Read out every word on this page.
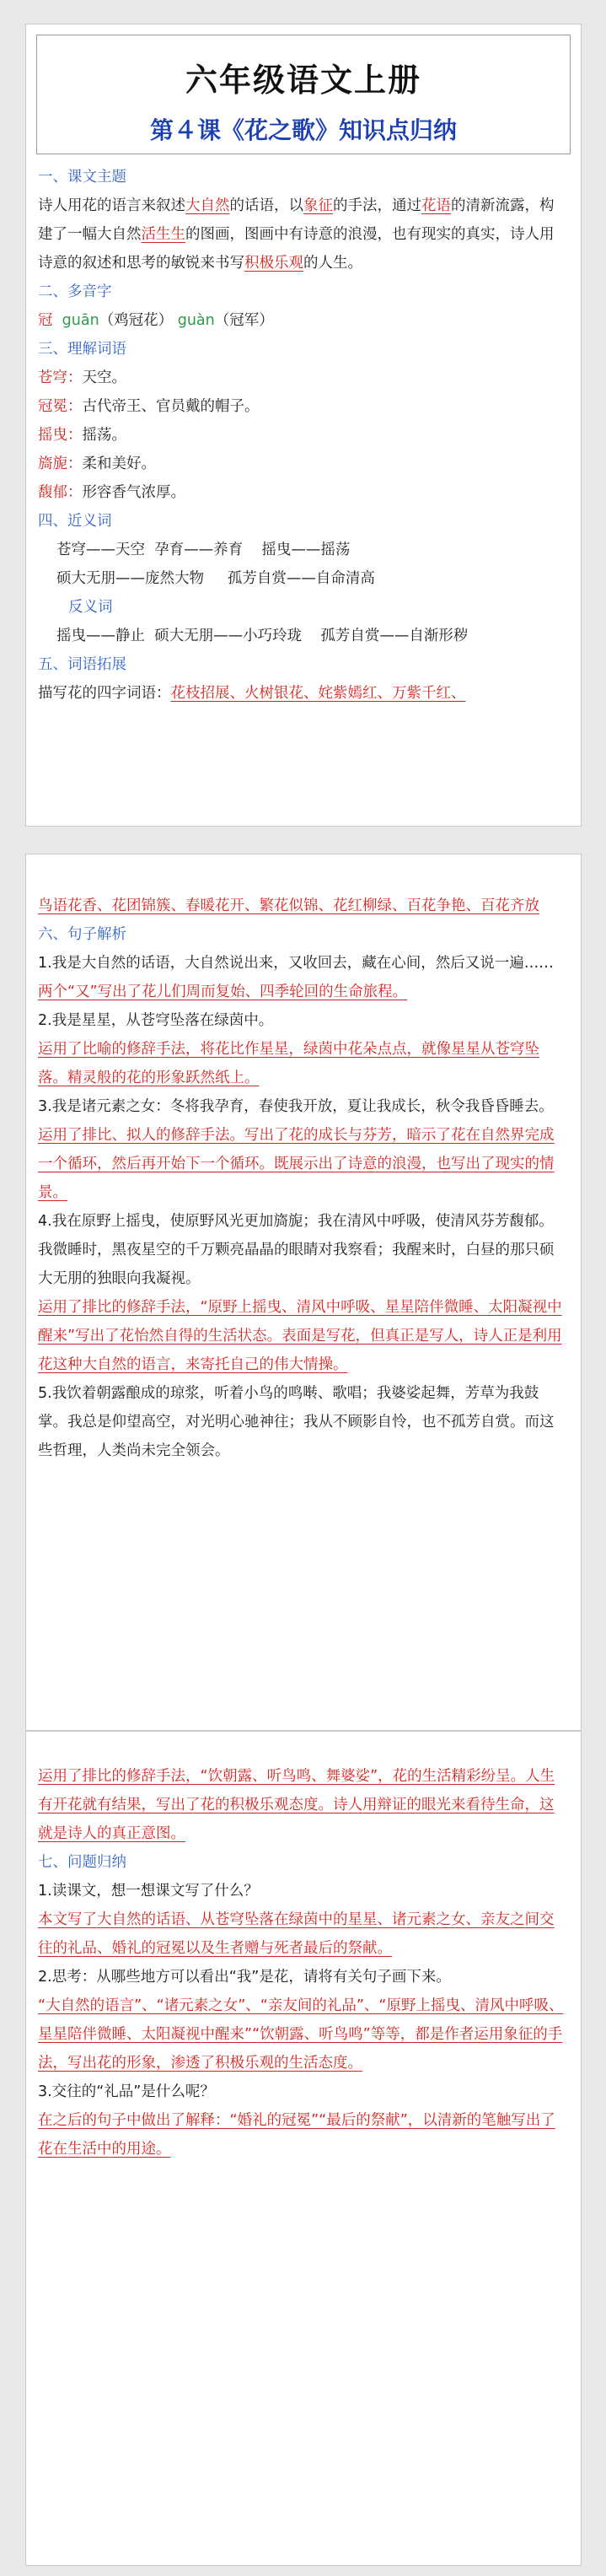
六年级语文上册
第４课《花之歌》知识点归纳

一、课文主题

诗人用花的语言来叙述大自然的话语，以象征的手法，通过花语的清新流露，构建了一幅大自然活生生的图画，图画中有诗意的浪漫，也有现实的真实，诗人用诗意的叙述和思考的敏锐来书写积极乐观的人生。

二、多音字

冠 guān（鸡冠花） guàn（冠军）

三、理解词语

苍穹：天空。

冠冕：古代帝王、官员戴的帽子。

摇曳：摇荡。

旖旎：柔和美好。

馥郁：形容香气浓厚。

四、近义词

苍穹——天空  孕育——养育    摇曳——摇荡

硕大无朋——庞然大物     孤芳自赏——自命清高

反义词

摇曳——静止  硕大无朋——小巧玲珑    孤芳自赏——自渐形秽

五、词语拓展

描写花的四字词语：花枝招展、火树银花、姹紫嫣红、万紫千红、

鸟语花香、花团锦簇、春暖花开、繁花似锦、花红柳绿、百花争艳、百花齐放

六、句子解析

1.我是大自然的话语，大自然说出来，又收回去，藏在心间，然后又说一遍……

两个“又”写出了花儿们周而复始、四季轮回的生命旅程。

2.我是星星，从苍穹坠落在绿茵中。

运用了比喻的修辞手法，将花比作星星，绿茵中花朵点点，就像星星从苍穹坠落。精灵般的花的形象跃然纸上。

3.我是诸元素之女：冬将我孕育，春使我开放，夏让我成长，秋令我昏昏睡去。

运用了排比、拟人的修辞手法。写出了花的成长与芬芳，暗示了花在自然界完成一个循环，然后再开始下一个循环。既展示出了诗意的浪漫，也写出了现实的情景。

4.我在原野上摇曳，使原野风光更加旖旎；我在清风中呼吸，使清风芬芳馥郁。我微睡时，黑夜星空的千万颗亮晶晶的眼睛对我察看；我醒来时，白昼的那只硕大无朋的独眼向我凝视。

运用了排比的修辞手法，“原野上摇曳、清风中呼吸、星星陪伴微睡、太阳凝视中醒来”写出了花怡然自得的生活状态。表面是写花，但真正是写人，诗人正是利用花这种大自然的语言，来寄托自己的伟大情操。

5.我饮着朝露酿成的琼浆，听着小鸟的鸣啭、歌唱；我婆娑起舞，芳草为我鼓掌。我总是仰望高空，对光明心驰神往；我从不顾影自怜，也不孤芳自赏。而这些哲理，人类尚未完全领会。

运用了排比的修辞手法，“饮朝露、听鸟鸣、舞婆娑”，花的生活精彩纷呈。人生有开花就有结果，写出了花的积极乐观态度。诗人用辩证的眼光来看待生命，这就是诗人的真正意图。

七、问题归纳

1.读课文，想一想课文写了什么？

本文写了大自然的话语、从苍穹坠落在绿茵中的星星、诸元素之女、亲友之间交往的礼品、婚礼的冠冕以及生者赠与死者最后的祭献。

2.思考：从哪些地方可以看出“我”是花，请将有关句子画下来。

“大自然的语言”、“诸元素之女”、“亲友间的礼品”、“原野上摇曳、清风中呼吸、星星陪伴微睡、太阳凝视中醒来”“饮朝露、听鸟鸣”等等，都是作者运用象征的手法，写出花的形象，渗透了积极乐观的生活态度。

3.交往的“礼品”是什么呢？

在之后的句子中做出了解释：“婚礼的冠冕”“最后的祭献”，以清新的笔触写出了花在生活中的用途。
